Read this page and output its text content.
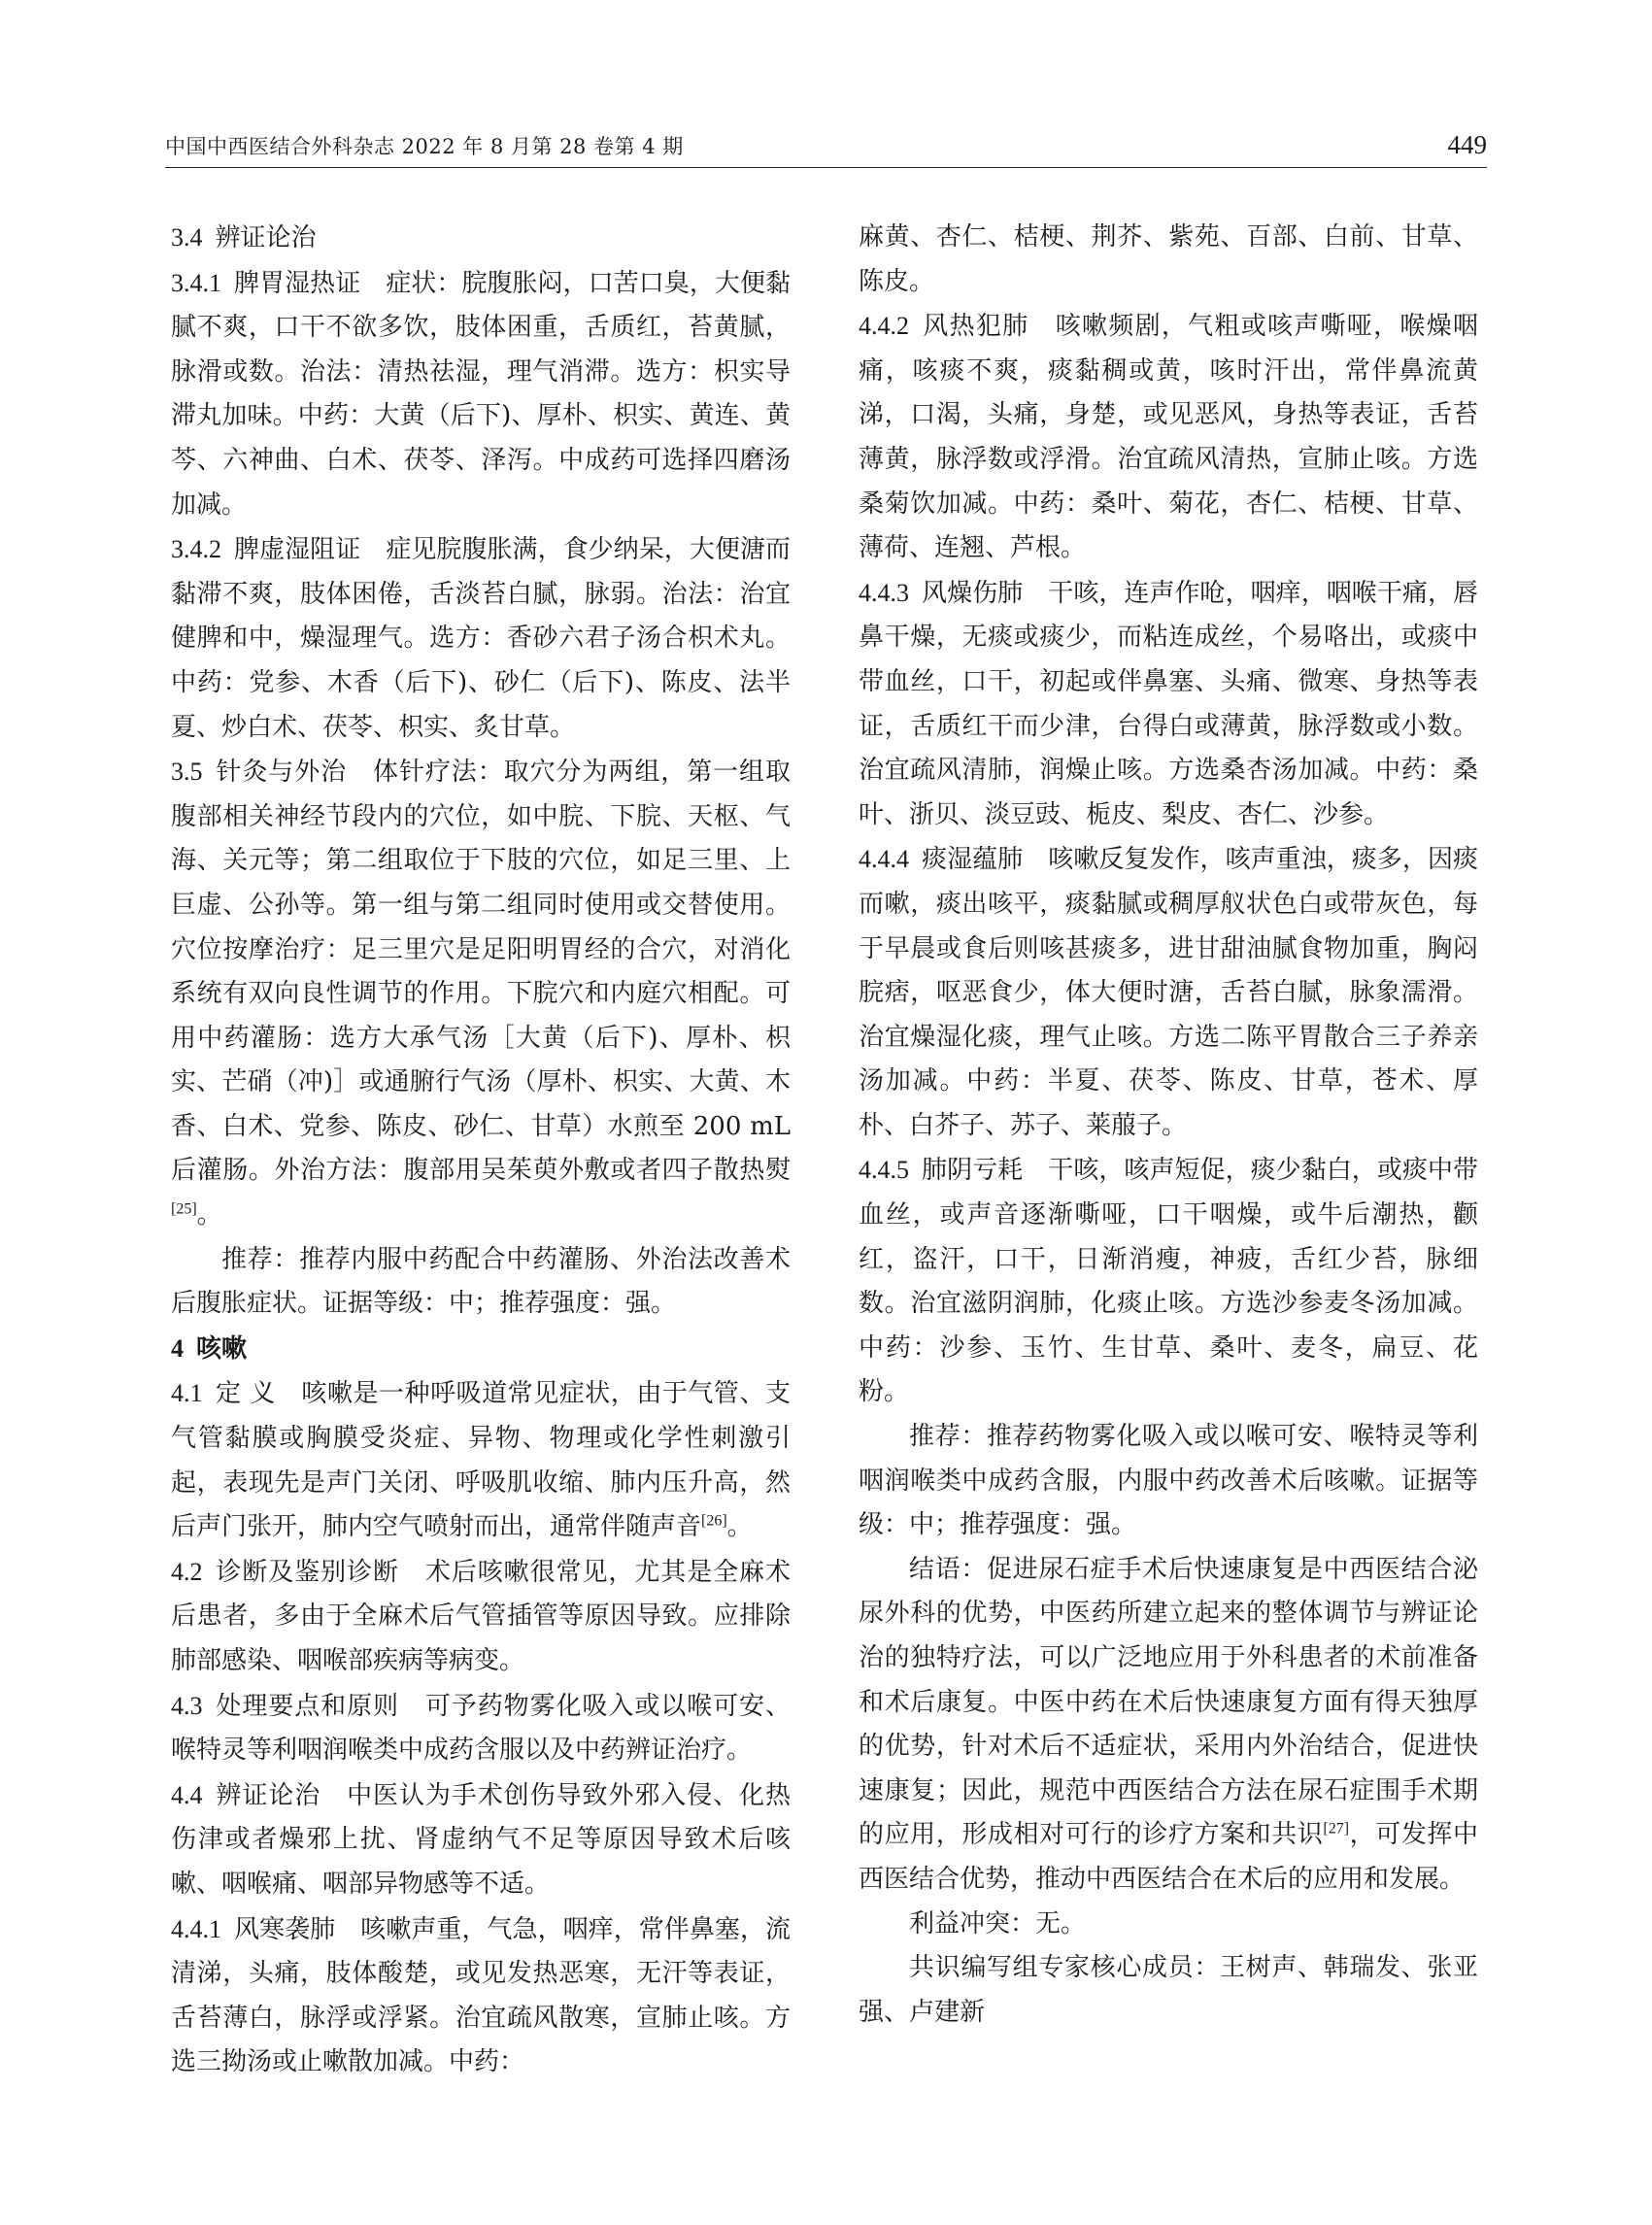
中国中西医结合外科杂志 2022 年 8 月第 28 卷第 4 期	449

3.4 辨证论治

3.4.1 脾胃湿热证　症状：脘腹胀闷，口苦口臭，大便黏腻不爽，口干不欲多饮，肢体困重，舌质红，苔黄腻，脉滑或数。治法：清热祛湿，理气消滞。选方：枳实导滞丸加味。中药：大黄（后下)、厚朴、枳实、黄连、黄芩、六神曲、白术、茯苓、泽泻。中成药可选择四磨汤加减。

3.4.2 脾虚湿阻证　症见脘腹胀满，食少纳呆，大便溏而黏滞不爽，肢体困倦，舌淡苔白腻，脉弱。治法：治宜健脾和中，燥湿理气。选方：香砂六君子汤合枳术丸。中药：党参、木香（后下)、砂仁（后下)、陈皮、法半夏、炒白术、茯苓、枳实、炙甘草。

3.5 针灸与外治　体针疗法：取穴分为两组，第一组取腹部相关神经节段内的穴位，如中脘、下脘、天枢、气海、关元等；第二组取位于下肢的穴位，如足三里、上巨虚、公孙等。第一组与第二组同时使用或交替使用。穴位按摩治疗：足三里穴是足阳明胃经的合穴，对消化系统有双向良性调节的作用。下脘穴和内庭穴相配。可用中药灌肠：选方大承气汤［大黄（后下)、厚朴、枳实、芒硝（冲)］或通腑行气汤（厚朴、枳实、大黄、木香、白术、党参、陈皮、砂仁、甘草）水煎至 200 mL 后灌肠。外治方法：腹部用吴茱萸外敷或者四子散热熨[25]。

推荐：推荐内服中药配合中药灌肠、外治法改善术后腹胀症状。证据等级：中；推荐强度：强。

4 咳嗽

4.1 定 义　咳嗽是一种呼吸道常见症状，由于气管、支气管黏膜或胸膜受炎症、异物、物理或化学性刺激引起，表现先是声门关闭、呼吸肌收缩、肺内压升高，然后声门张开，肺内空气喷射而出，通常伴随声音[26]。

4.2 诊断及鉴别诊断　术后咳嗽很常见，尤其是全麻术后患者，多由于全麻术后气管插管等原因导致。应排除肺部感染、咽喉部疾病等病变。

4.3 处理要点和原则　可予药物雾化吸入或以喉可安、喉特灵等利咽润喉类中成药含服以及中药辨证治疗。

4.4 辨证论治　中医认为手术创伤导致外邪入侵、化热伤津或者燥邪上扰、肾虚纳气不足等原因导致术后咳嗽、咽喉痛、咽部异物感等不适。

4.4.1 风寒袭肺　咳嗽声重，气急，咽痒，常伴鼻塞，流清涕，头痛，肢体酸楚，或见发热恶寒，无汗等表证，舌苔薄白，脉浮或浮紧。治宜疏风散寒，宣肺止咳。方选三拗汤或止嗽散加减。中药：

麻黄、杏仁、桔梗、荆芥、紫苑、百部、白前、甘草、陈皮。

4.4.2 风热犯肺　咳嗽频剧，气粗或咳声嘶哑，喉燥咽痛，咳痰不爽，痰黏稠或黄，咳时汗出，常伴鼻流黄涕，口渴，头痛，身楚，或见恶风，身热等表证，舌苔薄黄，脉浮数或浮滑。治宜疏风清热，宣肺止咳。方选桑菊饮加减。中药：桑叶、菊花，杏仁、桔梗、甘草、薄荷、连翘、芦根。

4.4.3 风燥伤肺　干咳，连声作呛，咽痒，咽喉干痛，唇鼻干燥，无痰或痰少，而粘连成丝，个易咯出，或痰中带血丝，口干，初起或伴鼻塞、头痛、微寒、身热等表证，舌质红干而少津，台得白或薄黄，脉浮数或小数。治宜疏风清肺，润燥止咳。方选桑杏汤加减。中药：桑叶、浙贝、淡豆豉、栀皮、梨皮、杏仁、沙参。

4.4.4 痰湿蕴肺　咳嗽反复发作，咳声重浊，痰多，因痰而嗽，痰出咳平，痰黏腻或稠厚舣状色白或带灰色，每于早晨或食后则咳甚痰多，进甘甜油腻食物加重，胸闷脘痞，呕恶食少，体大便时溏，舌苔白腻，脉象濡滑。治宜燥湿化痰，理气止咳。方选二陈平胃散合三子养亲汤加减。中药：半夏、茯苓、陈皮、甘草，苍术、厚朴、白芥子、苏子、莱菔子。

4.4.5 肺阴亏耗　干咳，咳声短促，痰少黏白，或痰中带血丝，或声音逐渐嘶哑，口干咽燥，或牛后潮热，颧红，盗汗，口干，日渐消瘦，神疲，舌红少苔，脉细数。治宜滋阴润肺，化痰止咳。方选沙参麦冬汤加减。中药：沙参、玉竹、生甘草、桑叶、麦冬，扁豆、花粉。

推荐：推荐药物雾化吸入或以喉可安、喉特灵等利咽润喉类中成药含服，内服中药改善术后咳嗽。证据等级：中；推荐强度：强。

结语：促进尿石症手术后快速康复是中西医结合泌尿外科的优势，中医药所建立起来的整体调节与辨证论治的独特疗法，可以广泛地应用于外科患者的术前准备和术后康复。中医中药在术后快速康复方面有得天独厚的优势，针对术后不适症状，采用内外治结合，促进快速康复；因此，规范中西医结合方法在尿石症围手术期的应用，形成相对可行的诊疗方案和共识[27]，可发挥中西医结合优势，推动中西医结合在术后的应用和发展。

利益冲突：无。

共识编写组专家核心成员：王树声、韩瑞发、张亚强、卢建新
